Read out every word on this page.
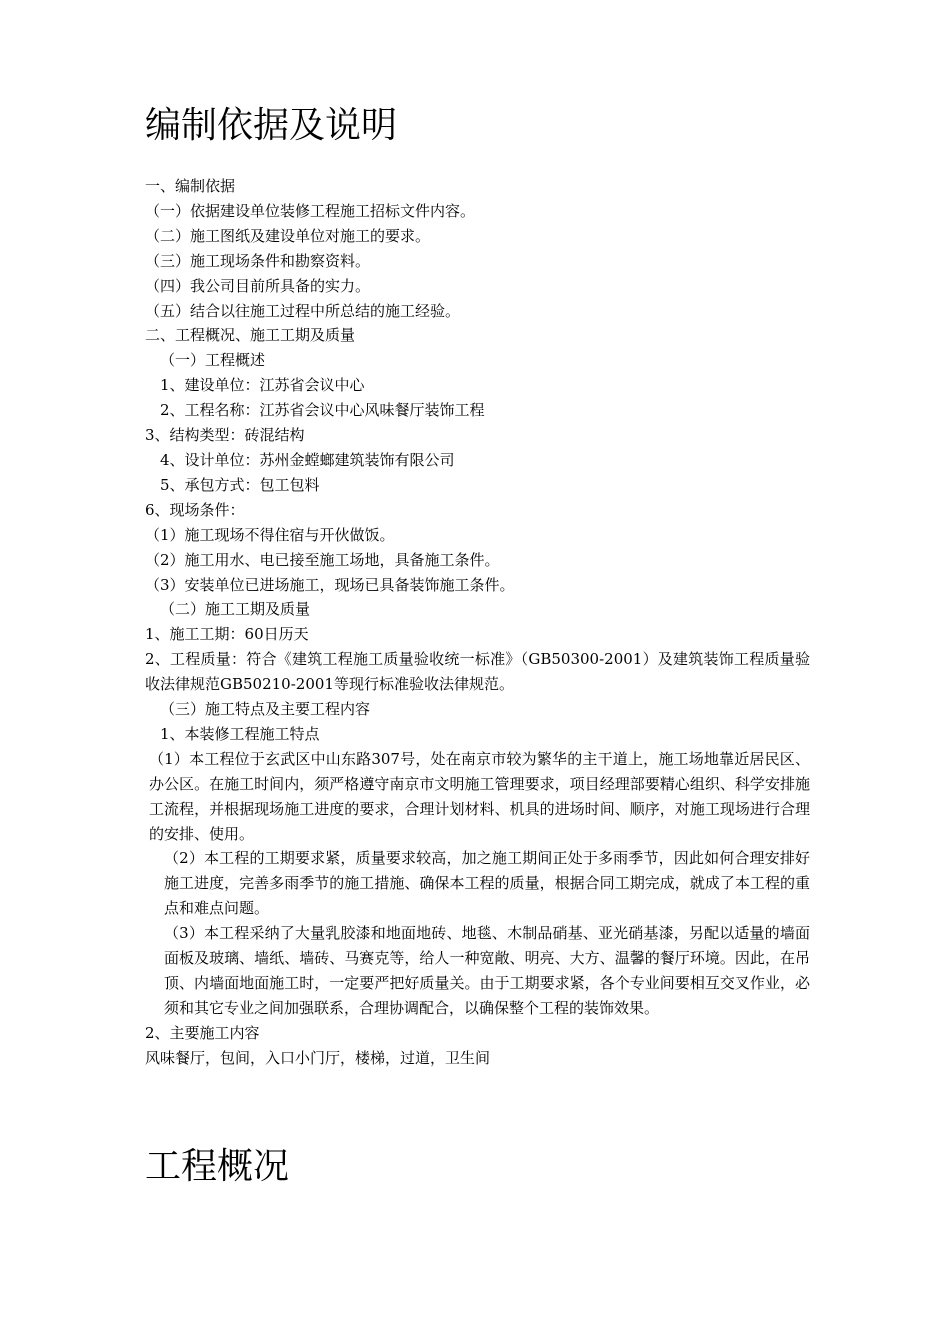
编制依据及说明

一、编制依据

（一）依据建设单位装修工程施工招标文件内容。

（二）施工图纸及建设单位对施工的要求。

（三）施工现场条件和勘察资料。

（四）我公司目前所具备的实力。

（五）结合以往施工过程中所总结的施工经验。

二、工程概况、施工工期及质量

（一）工程概述

1、建设单位：江苏省会议中心

2、工程名称：江苏省会议中心风味餐厅装饰工程

3、结构类型：砖混结构

4、设计单位：苏州金螳螂建筑装饰有限公司

5、承包方式：包工包料

6、现场条件：

（1）施工现场不得住宿与开伙做饭。

（2）施工用水、电已接至施工场地，具备施工条件。

（3）安装单位已进场施工，现场已具备装饰施工条件。

（二）施工工期及质量

1、施工工期：60日历天

2、工程质量：符合《建筑工程施工质量验收统一标准》（GB50300-2001）及建筑装饰工程质量验收法律规范GB50210-2001等现行标准验收法律规范。

（三）施工特点及主要工程内容

1、本装修工程施工特点

（1）本工程位于玄武区中山东路307号，处在南京市较为繁华的主干道上，施工场地靠近居民区、办公区。在施工时间内，须严格遵守南京市文明施工管理要求，项目经理部要精心组织、科学安排施工流程，并根据现场施工进度的要求，合理计划材料、机具的进场时间、顺序，对施工现场进行合理的安排、使用。

（2）本工程的工期要求紧，质量要求较高，加之施工期间正处于多雨季节，因此如何合理安排好施工进度，完善多雨季节的施工措施、确保本工程的质量，根据合同工期完成，就成了本工程的重点和难点问题。

（3）本工程采纳了大量乳胶漆和地面地砖、地毯、木制品硝基、亚光硝基漆，另配以适量的墙面面板及玻璃、墙纸、墙砖、马赛克等，给人一种宽敞、明亮、大方、温馨的餐厅环境。因此，在吊顶、内墙面地面施工时，一定要严把好质量关。由于工期要求紧，各个专业间要相互交叉作业，必须和其它专业之间加强联系，合理协调配合，以确保整个工程的装饰效果。

2、主要施工内容

风味餐厅，包间，入口小门厅，楼梯，过道，卫生间

工程概况
